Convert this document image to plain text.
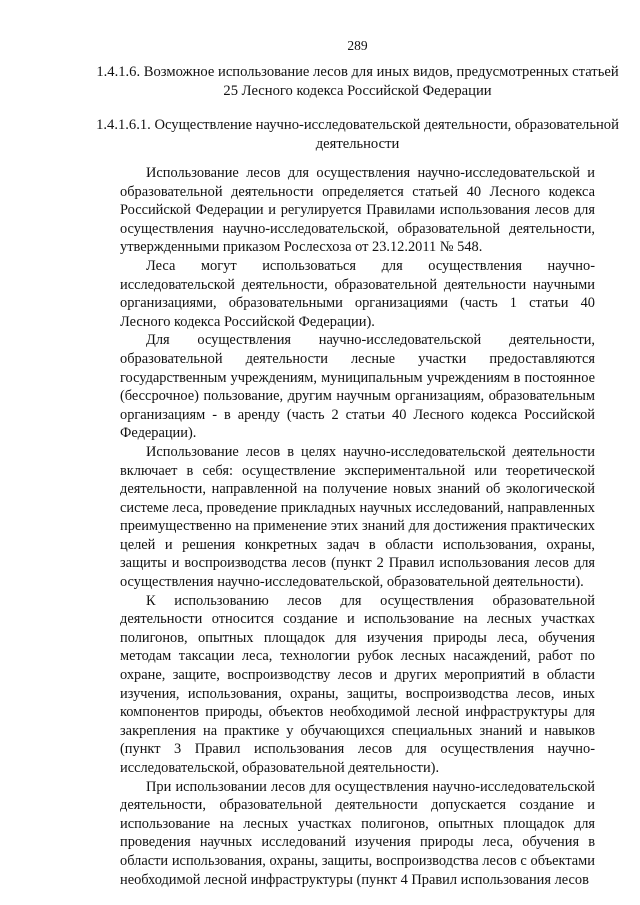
289
1.4.1.6. Возможное использование лесов для иных видов, предусмотренных статьей 25 Лесного кодекса Российской Федерации
1.4.1.6.1. Осуществление научно-исследовательской деятельности, образовательной деятельности

Использование лесов для осуществления научно-исследовательской и образовательной деятельности определяется статьей 40 Лесного кодекса Российской Федерации и регулируется Правилами использования лесов для осуществления научно-исследовательской, образовательной деятельности, утвержденными приказом Рослесхоза от 23.12.2011 № 548.

Леса могут использоваться для осуществления научно-исследовательской деятельности, образовательной деятельности научными организациями, образовательными организациями (часть 1 статьи 40 Лесного кодекса Российской Федерации).

Для осуществления научно-исследовательской деятельности, образовательной деятельности лесные участки предоставляются государственным учреждениям, муниципальным учреждениям в постоянное (бессрочное) пользование, другим научным организациям, образовательным организациям - в аренду (часть 2 статьи 40 Лесного кодекса Российской Федерации).

Использование лесов в целях научно-исследовательской деятельности включает в себя: осуществление экспериментальной или теоретической деятельности, направленной на получение новых знаний об экологической системе леса, проведение прикладных научных исследований, направленных преимущественно на применение этих знаний для достижения практических целей и решения конкретных задач в области использования, охраны, защиты и воспроизводства лесов (пункт 2 Правил использования лесов для осуществления научно-исследовательской, образовательной деятельности).

К использованию лесов для осуществления образовательной деятельности относится создание и использование на лесных участках полигонов, опытных площадок для изучения природы леса, обучения методам таксации леса, технологии рубок лесных насаждений, работ по охране, защите, воспроизводству лесов и других мероприятий в области изучения, использования, охраны, защиты, воспроизводства лесов, иных компонентов природы, объектов необходимой лесной инфраструктуры для закрепления на практике у обучающихся специальных знаний и навыков (пункт 3 Правил использования лесов для осуществления научно-исследовательской, образовательной деятельности).

При использовании лесов для осуществления научно-исследовательской деятельности, образовательной деятельности допускается создание и использование на лесных участках полигонов, опытных площадок для проведения научных исследований изучения природы леса, обучения в области использования, охраны, защиты, воспроизводства лесов с объектами необходимой лесной инфраструктуры (пункт 4 Правил использования лесов
